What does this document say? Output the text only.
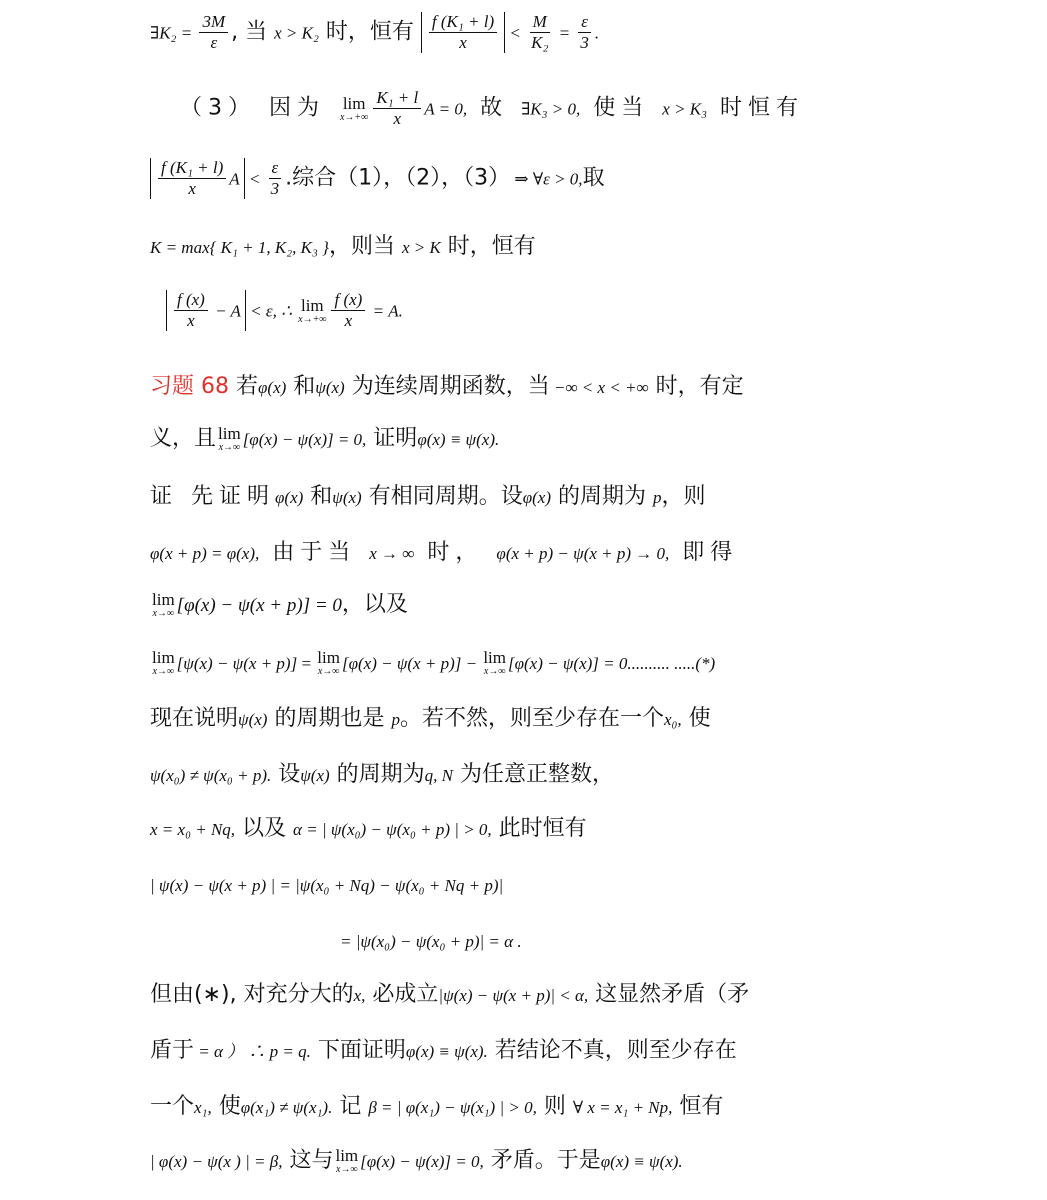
∃K₂ = $\frac{3M}{\varepsilon}$ , 当 x > K₂ 时，恒有 $\frac{\text{f (K₁ + l)}}{x} < \frac{M}{\text{K₂}} = \frac{\varepsilon}{3}$ .
（3） 因为 lim
$x\to+\infty \frac{\text{K₁ + l}}{x}$ A = 0, 故 ∃K₃ > 0, 使当 x > K₃ 时恒有
$\frac{\text{f (K₁ + l)}}{x}$ $A < \frac{\varepsilon}{3}$ .综合（1），（2），（3） ⇒ ∀ε > 0,取
K = max{ K₁ + 1, K₂, K₃ }，则当 x > K 时，恒有
$\frac{f (x)}{x} - A < \varepsilon$, ∴ lim
$x\to+\infty \frac{f (x)}{x} = A$.
习题 68 若φ(x) 和ψ(x) 为连续周期函数，当 −∞ < x < +∞ 时，有定
义，且 lim
x→∞ [φ(x) − ψ(x)] = 0, 证明φ(x) ≡ ψ(x).
证 先证明φ(x) 和ψ(x) 有相同周期。设φ(x) 的周期为 p，则
φ(x + p) = φ(x), 由于当 x → ∞ 时， φ(x + p) − ψ(x + p) → 0, 即得
lim
x→∞ [φ(x) − ψ(x + p)] = 0，以及
lim
x→∞ [ψ(x) − ψ(x + p)] = lim
x→∞ [φ(x) − ψ(x + p)] − lim
x→∞ [φ(x) − ψ(x)] = 0.......... .....(*)
现在说明ψ(x) 的周期也是 p。若不然，则至少存在一个x₀, 使
ψ(x₀) ≠ ψ(x₀ + p). 设ψ(x) 的周期为q, N 为任意正整数，
x = x₀ + Nq, 以及 α = | ψ(x₀) − ψ(x₀ + p) | > 0, 此时恒有
| ψ(x) − ψ(x + p) | = |ψ(x₀ + Nq) − ψ(x₀ + Nq + p)|
= |ψ(x₀) − ψ(x₀ + p)| = α .
但由(∗), 对充分大的x, 必成立|ψ(x) − ψ(x + p)| < α, 这显然矛盾（矛
盾于 = α ） ∴ p = q. 下面证明φ(x) ≡ ψ(x). 若结论不真，则至少存在
一个x₁, 使φ(x₁) ≠ ψ(x₁). 记 β = | φ(x₁) − ψ(x₁) | > 0, 则 ∀ x = x₁ + Np, 恒有
| φ(x) − ψ(x ) | = β, 这与 lim
x→∞ [φ(x) − ψ(x)] = 0, 矛盾。于是φ(x) ≡ ψ(x).
